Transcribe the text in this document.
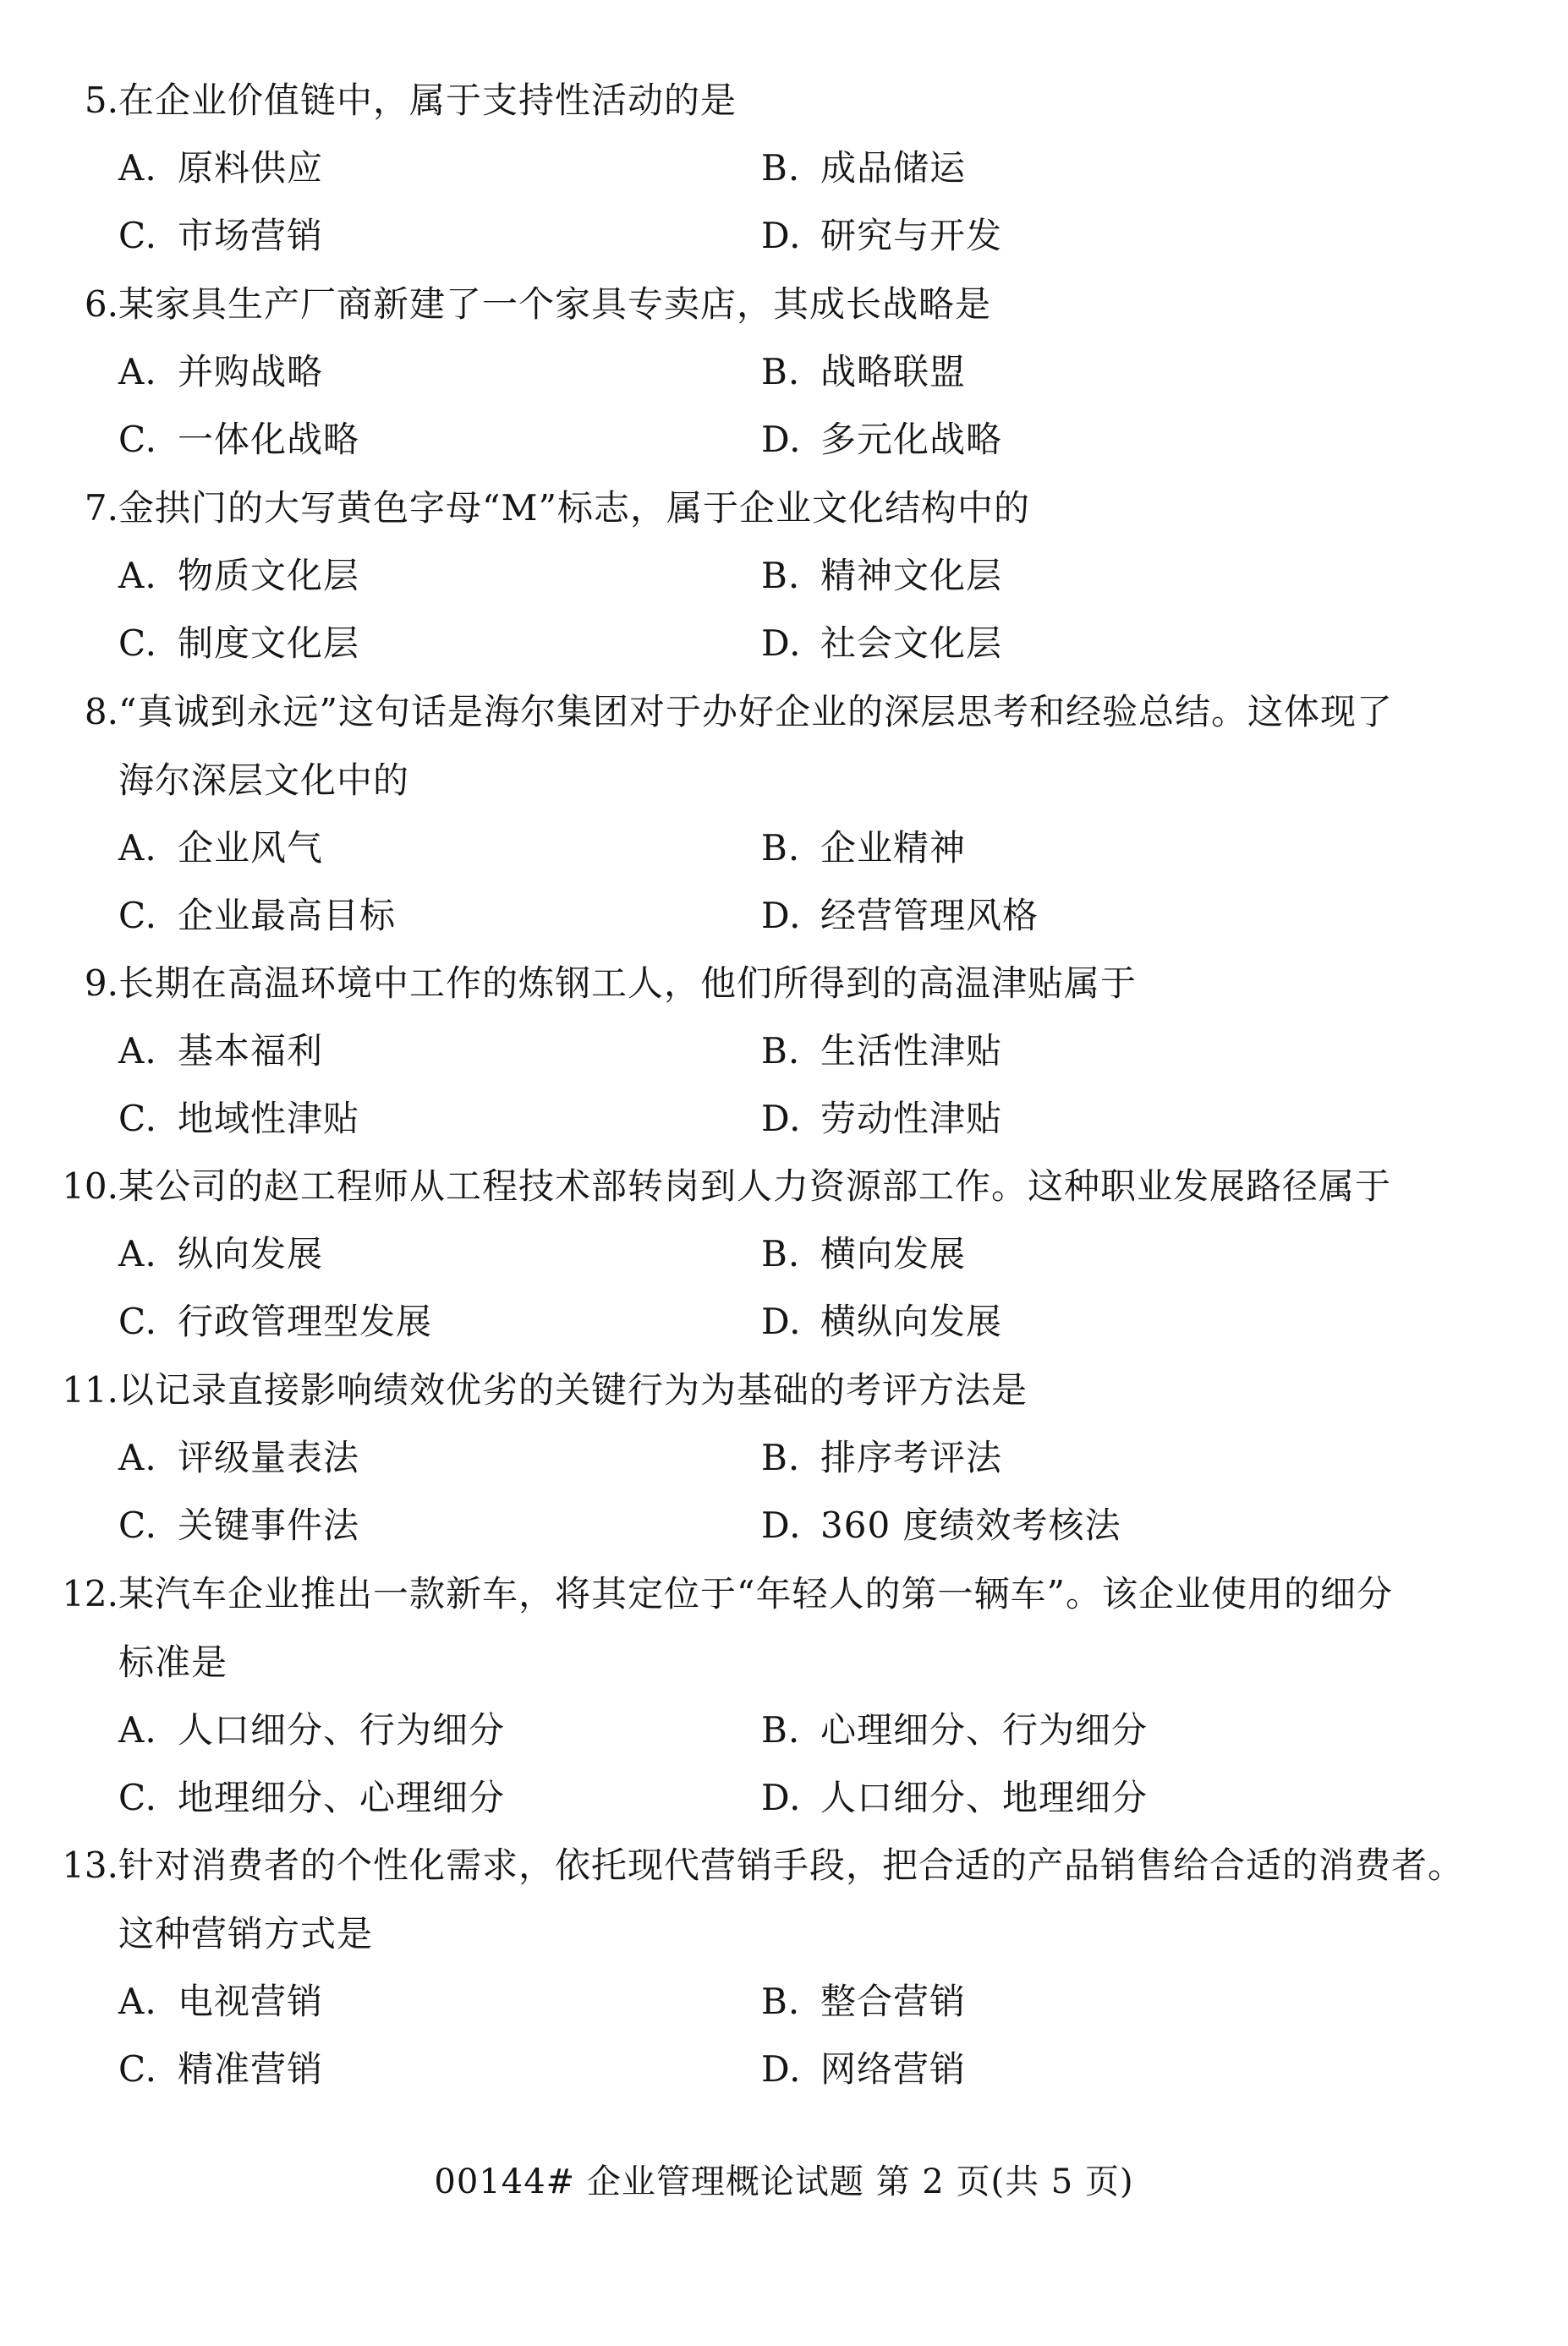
5. 在企业价值链中，属于支持性活动的是
A. 原料供应	B. 成品储运
C. 市场营销	D. 研究与开发
6. 某家具生产厂商新建了一个家具专卖店，其成长战略是
A. 并购战略	B. 战略联盟
C. 一体化战略	D. 多元化战略
7. 金拱门的大写黄色字母“M”标志，属于企业文化结构中的
A. 物质文化层	B. 精神文化层
C. 制度文化层	D. 社会文化层
8. “真诚到永远”这句话是海尔集团对于办好企业的深层思考和经验总结。这体现了
海尔深层文化中的
A. 企业风气	B. 企业精神
C. 企业最高目标	D. 经营管理风格
9. 长期在高温环境中工作的炼钢工人，他们所得到的高温津贴属于
A. 基本福利	B. 生活性津贴
C. 地域性津贴	D. 劳动性津贴
10. 某公司的赵工程师从工程技术部转岗到人力资源部工作。这种职业发展路径属于
A. 纵向发展	B. 横向发展
C. 行政管理型发展	D. 横纵向发展
11. 以记录直接影响绩效优劣的关键行为为基础的考评方法是
A. 评级量表法	B. 排序考评法
C. 关键事件法	D. 360 度绩效考核法
12. 某汽车企业推出一款新车，将其定位于“年轻人的第一辆车”。该企业使用的细分
标准是
A. 人口细分、行为细分	B. 心理细分、行为细分
C. 地理细分、心理细分	D. 人口细分、地理细分
13. 针对消费者的个性化需求，依托现代营销手段，把合适的产品销售给合适的消费者。
这种营销方式是
A. 电视营销	B. 整合营销
C. 精准营销	D. 网络营销
00144# 企业管理概论试题 第 2 页(共 5 页)
